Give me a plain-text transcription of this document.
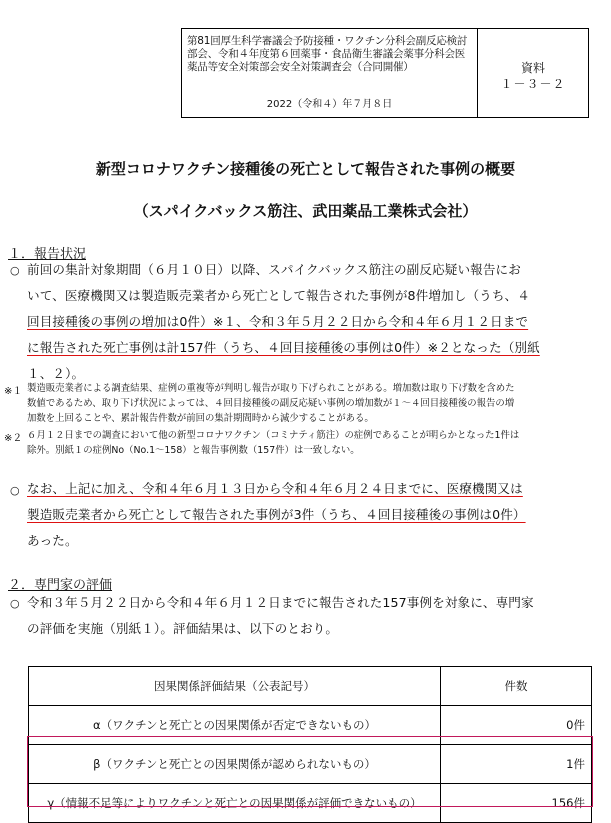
第81回厚生科学審議会予防接種・ワクチン分科会副反応検討部会、令和４年度第６回薬事・食品衛生審議会薬事分科会医薬品等安全対策部会安全対策調査会（合同開催）
2022（令和４）年７月８日
資料
１－３－２
新型コロナワクチン接種後の死亡として報告された事例の概要
（スパイクバックス筋注、武田薬品工業株式会社）
１．報告状況
○ 前回の集計対象期間（６月１０日）以降、スパイクバックス筋注の副反応疑い報告にお
いて、医療機関又は製造販売業者から死亡として報告された事例が8件増加し（うち、４
回目接種後の事例の増加は0件）※１、令和３年５月２２日から令和４年６月１２日まで
に報告された死亡事例は計157件（うち、４回目接種後の事例は0件）※２となった（別紙
１、２）。
※１ 製造販売業者による調査結果、症例の重複等が判明し報告が取り下げられことがある。増加数は取り下げ数を含めた
数値であるため、取り下げ状況によっては、４回目接種後の副反応疑い事例の増加数が１～４回目接種後の報告の増
加数を上回ることや、累計報告件数が前回の集計期間時から減少することがある。
※２ ６月１２日までの調査において他の新型コロナワクチン（コミナティ筋注）の症例であることが明らかとなった1件は
除外。別紙１の症例No（No.1～158）と報告事例数（157件）は一致しない。
○ なお、上記に加え、令和４年６月１３日から令和４年６月２４日までに、医療機関又は
製造販売業者から死亡として報告された事例が3件（うち、４回目接種後の事例は0件）
あった。
２．専門家の評価
○ 令和３年５月２２日から令和４年６月１２日までに報告された157事例を対象に、専門家
の評価を実施（別紙１）。評価結果は、以下のとおり。
因果関係評価結果（公表記号）	件数
α（ワクチンと死亡との因果関係が否定できないもの）	0件
β（ワクチンと死亡との因果関係が認められないもの）	1件
γ（情報不足等によりワクチンと死亡との因果関係が評価できないもの）	156件
